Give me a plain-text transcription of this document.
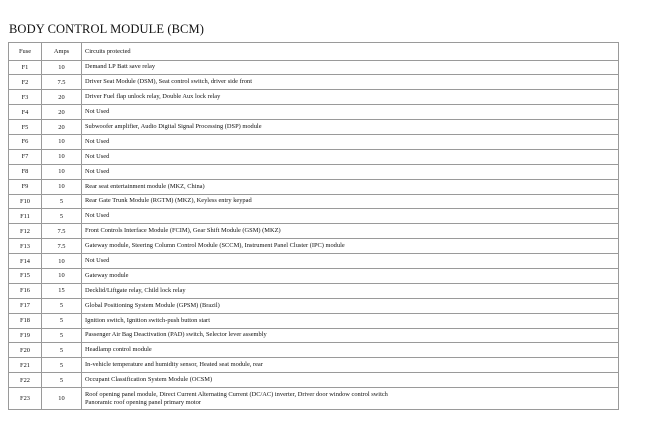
BODY CONTROL MODULE (BCM)
Fuse	Amps	Circuits protected
F1	10	Demand LP Batt save relay

F2	7.5	Driver Seat Module (DSM), Seat control switch, driver side front

F3	20	Driver Fuel flap unlock relay, Double Aux lock relay

F4	20	Not Used

F5	20	Subwoofer amplifier, Audio Digital Signal Processing (DSP) module

F6	10	Not Used

F7	10	Not Used

F8	10	Not Used

F9	10	Rear seat entertainment module (MKZ, China)

F10	5	Rear Gate Trunk Module (RGTM) (MKZ), Keyless entry keypad

F11	5	Not Used

F12	7.5	Front Controls Interface Module (FCIM), Gear Shift Module (GSM) (MKZ)

F13	7.5	Gateway module, Steering Column Control Module (SCCM), Instrument Panel Cluster (IPC) module

F14	10	Not Used

F15	10	Gateway module

F16	15	Decklid/Liftgate relay, Child lock relay

F17	5	Global Positioning System Module (GPSM) (Brazil)

F18	5	Ignition switch, Ignition switch-push button start

F19	5	Passenger Air Bag Deactivation (PAD) switch, Selector lever assembly

F20	5	Headlamp control module

F21	5	In-vehicle temperature and humidity sensor, Heated seat module, rear

F22	5	Occupant Classification System Module (OCSM)

F23	10	Roof opening panel module, Direct Current Alternating Current (DC/AC) inverter, Driver door window control switch
Panoramic roof opening panel primary motor
